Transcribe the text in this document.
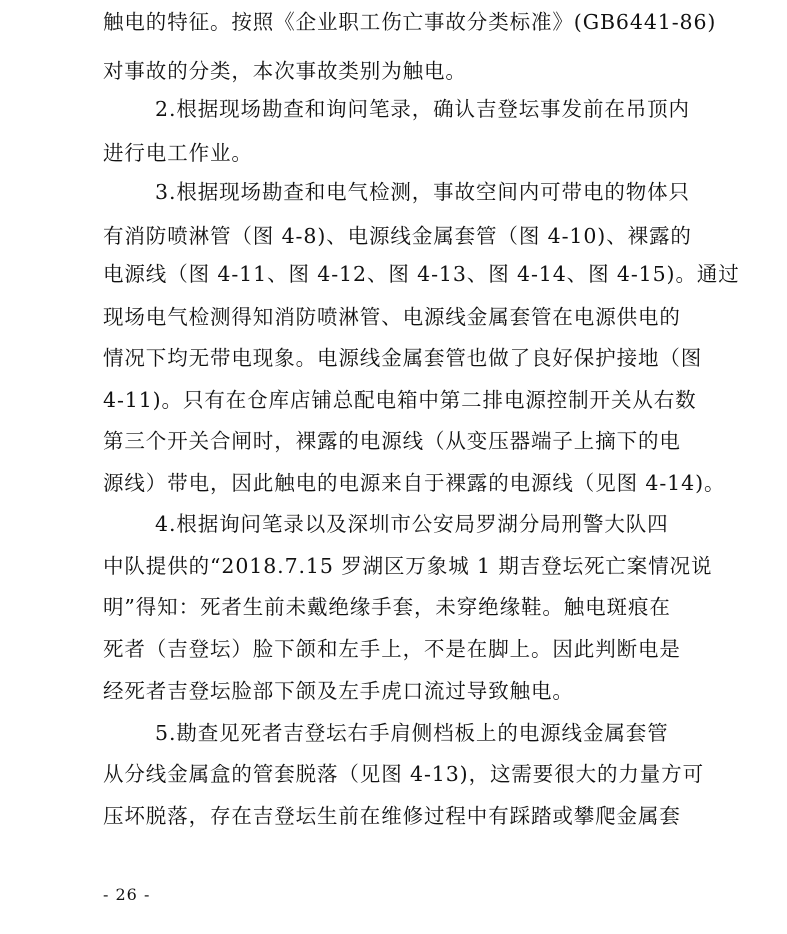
触电的特征。按照《企业职工伤亡事故分类标准》(GB6441-86)
对事故的分类，本次事故类别为触电。
2.根据现场勘查和询问笔录，确认吉登坛事发前在吊顶内
进行电工作业。
3.根据现场勘查和电气检测，事故空间内可带电的物体只
有消防喷淋管（图 4-8)、电源线金属套管（图 4-10)、裸露的
电源线（图 4-11、图 4-12、图 4-13、图 4-14、图 4-15)。通过
现场电气检测得知消防喷淋管、电源线金属套管在电源供电的
情况下均无带电现象。电源线金属套管也做了良好保护接地（图
4-11)。只有在仓库店铺总配电箱中第二排电源控制开关从右数
第三个开关合闸时，裸露的电源线（从变压器端子上摘下的电
源线）带电，因此触电的电源来自于裸露的电源线（见图 4-14)。
4.根据询问笔录以及深圳市公安局罗湖分局刑警大队四
中队提供的“2018.7.15 罗湖区万象城 1 期吉登坛死亡案情况说
明”得知：死者生前未戴绝缘手套，未穿绝缘鞋。触电斑痕在
死者（吉登坛）脸下颌和左手上，不是在脚上。因此判断电是
经死者吉登坛脸部下颌及左手虎口流过导致触电。
5.勘查见死者吉登坛右手肩侧档板上的电源线金属套管
从分线金属盒的管套脱落（见图 4-13)，这需要很大的力量方可
压坏脱落，存在吉登坛生前在维修过程中有踩踏或攀爬金属套
- 26 -
